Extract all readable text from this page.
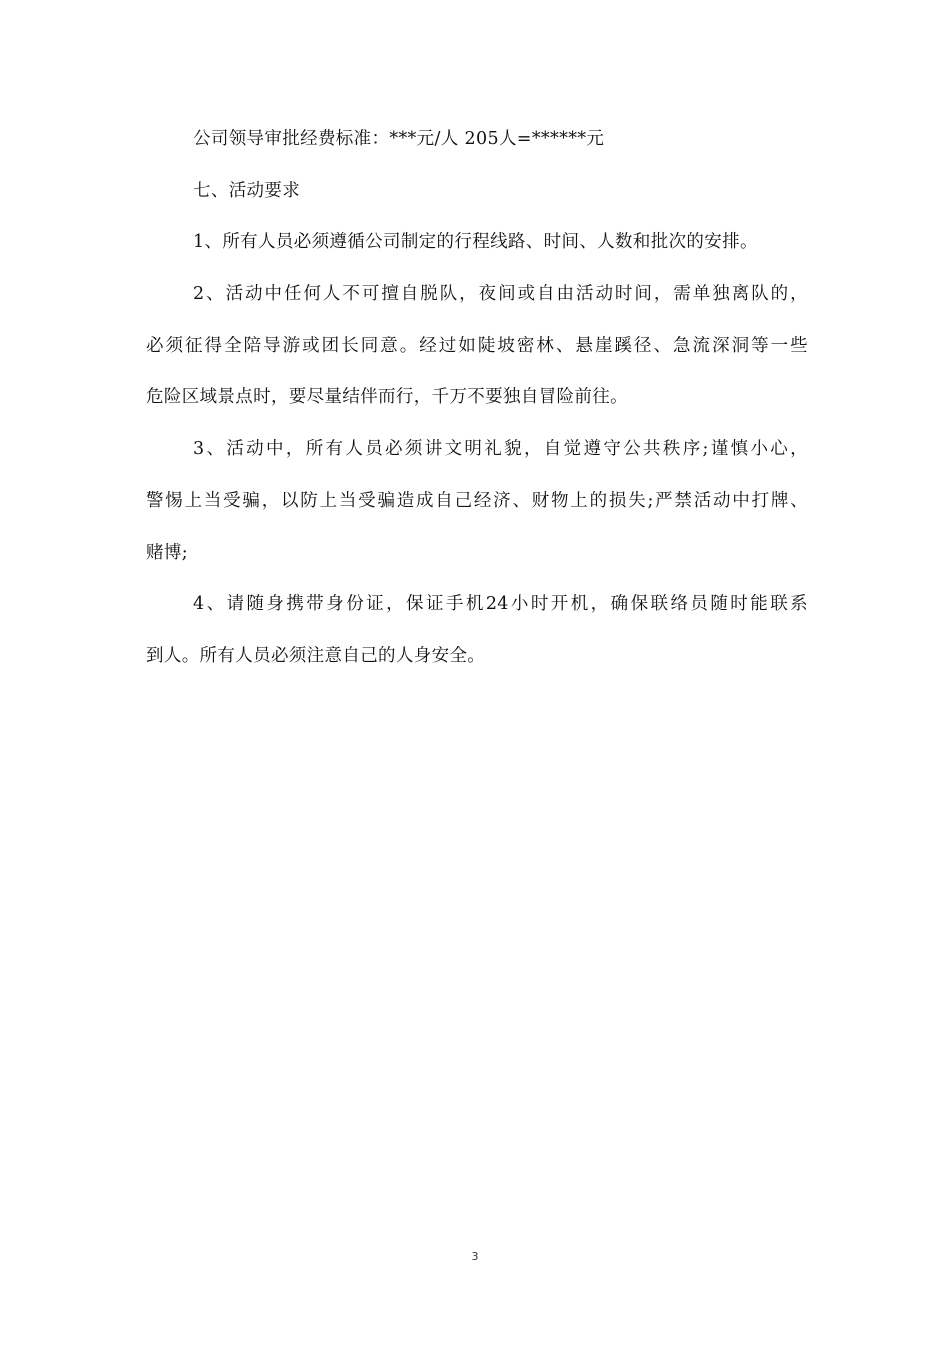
公司领导审批经费标准：***元/人 205人=******元
七、活动要求
1、所有人员必须遵循公司制定的行程线路、时间、人数和批次的安排。
2、活动中任何人不可擅自脱队，夜间或自由活动时间，需单独离队的，
必须征得全陪导游或团长同意。经过如陡坡密林、悬崖蹊径、急流深洞等一些
危险区域景点时，要尽量结伴而行，千万不要独自冒险前往。
3、活动中，所有人员必须讲文明礼貌，自觉遵守公共秩序;谨慎小心，
警惕上当受骗，以防上当受骗造成自己经济、财物上的损失;严禁活动中打牌、
赌博;
4、请随身携带身份证，保证手机24小时开机，确保联络员随时能联系
到人。所有人员必须注意自己的人身安全。
3
